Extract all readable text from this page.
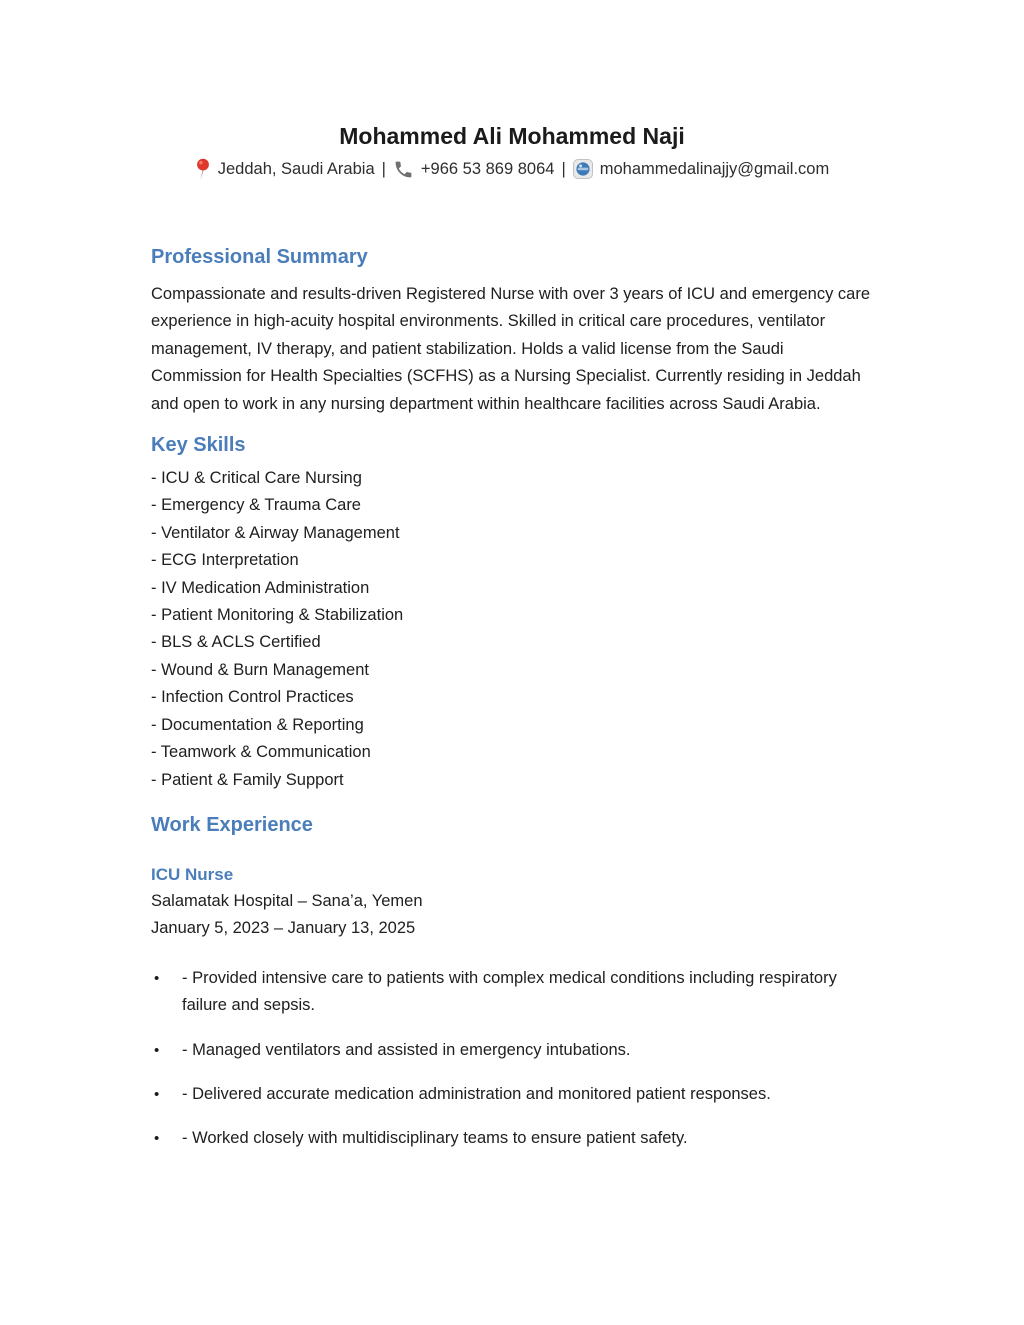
Mohammed Ali Mohammed Naji
Jeddah, Saudi Arabia | +966 53 869 8064 | mohammedalinajjy@gmail.com
Professional Summary
Compassionate and results-driven Registered Nurse with over 3 years of ICU and emergency care experience in high-acuity hospital environments. Skilled in critical care procedures, ventilator management, IV therapy, and patient stabilization. Holds a valid license from the Saudi Commission for Health Specialties (SCFHS) as a Nursing Specialist. Currently residing in Jeddah and open to work in any nursing department within healthcare facilities across Saudi Arabia.
Key Skills
- ICU & Critical Care Nursing
- Emergency & Trauma Care
- Ventilator & Airway Management
- ECG Interpretation
- IV Medication Administration
- Patient Monitoring & Stabilization
- BLS & ACLS Certified
- Wound & Burn Management
- Infection Control Practices
- Documentation & Reporting
- Teamwork & Communication
- Patient & Family Support
Work Experience
ICU Nurse
Salamatak Hospital – Sana’a, Yemen
January 5, 2023 – January 13, 2025
• - Provided intensive care to patients with complex medical conditions including respiratory failure and sepsis.
• - Managed ventilators and assisted in emergency intubations.
• - Delivered accurate medication administration and monitored patient responses.
• - Worked closely with multidisciplinary teams to ensure patient safety.
